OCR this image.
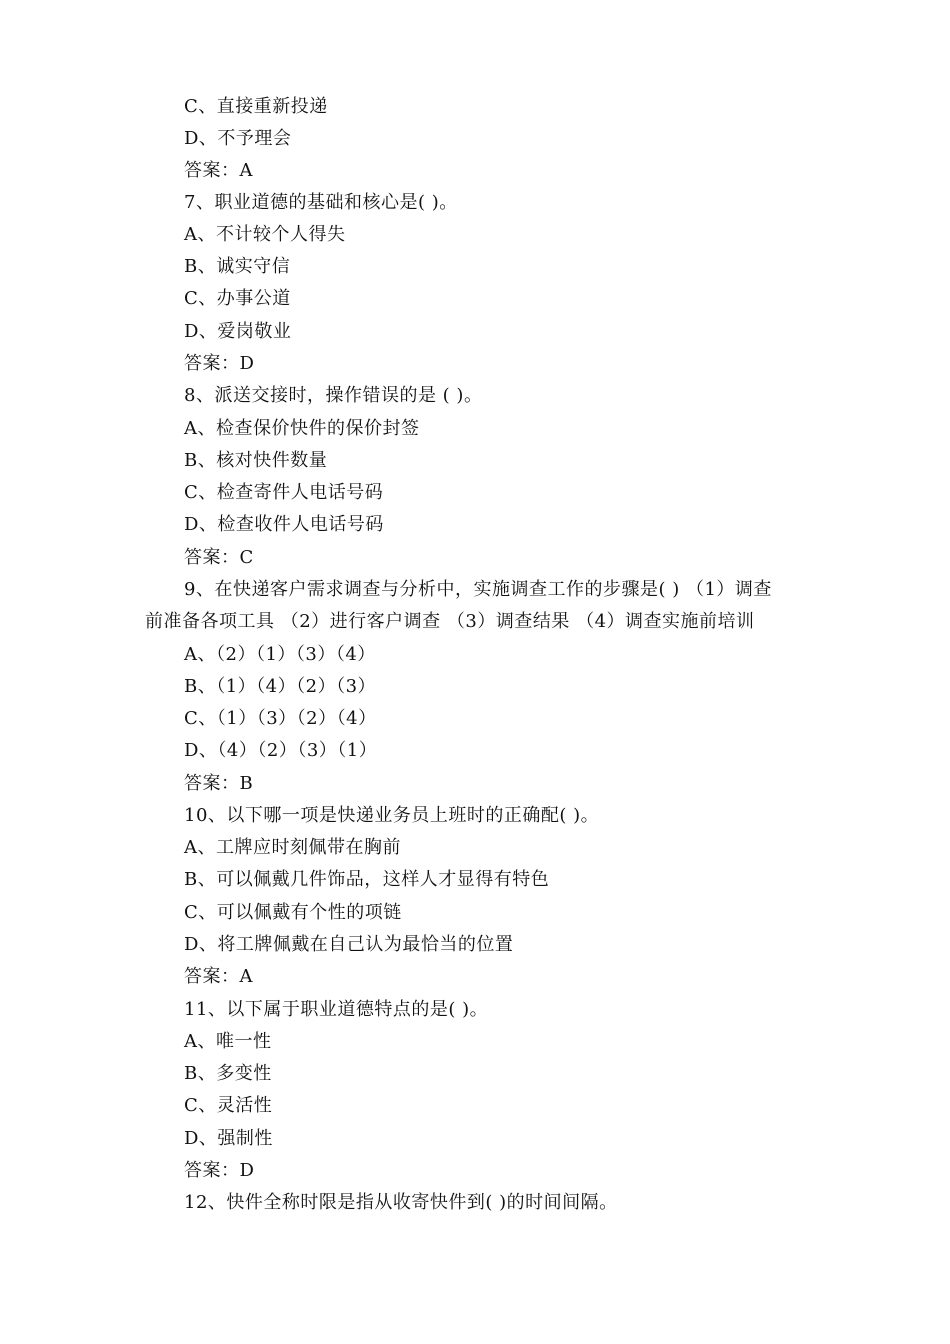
C、直接重新投递
D、不予理会
答案：A
7、职业道德的基础和核心是( )。
A、不计较个人得失
B、诚实守信
C、办事公道
D、爱岗敬业
答案：D
8、派送交接时，操作错误的是 ( )。
A、检查保价快件的保价封签
B、核对快件数量
C、检查寄件人电话号码
D、检查收件人电话号码
答案：C
9、在快递客户需求调查与分析中，实施调查工作的步骤是( ) （1）调查
前准备各项工具 （2）进行客户调查 （3）调查结果 （4）调查实施前培训
A、（2）（1）（3）（4）
B、（1）（4）（2）（3）
C、（1）（3）（2）（4）
D、（4）（2）（3）（1）
答案：B
10、以下哪一项是快递业务员上班时的正确配( )。
A、工牌应时刻佩带在胸前
B、可以佩戴几件饰品，这样人才显得有特色
C、可以佩戴有个性的项链
D、将工牌佩戴在自己认为最恰当的位置
答案：A
11、以下属于职业道德特点的是( )。
A、唯一性
B、多变性
C、灵活性
D、强制性
答案：D
12、快件全称时限是指从收寄快件到( )的时间间隔。
